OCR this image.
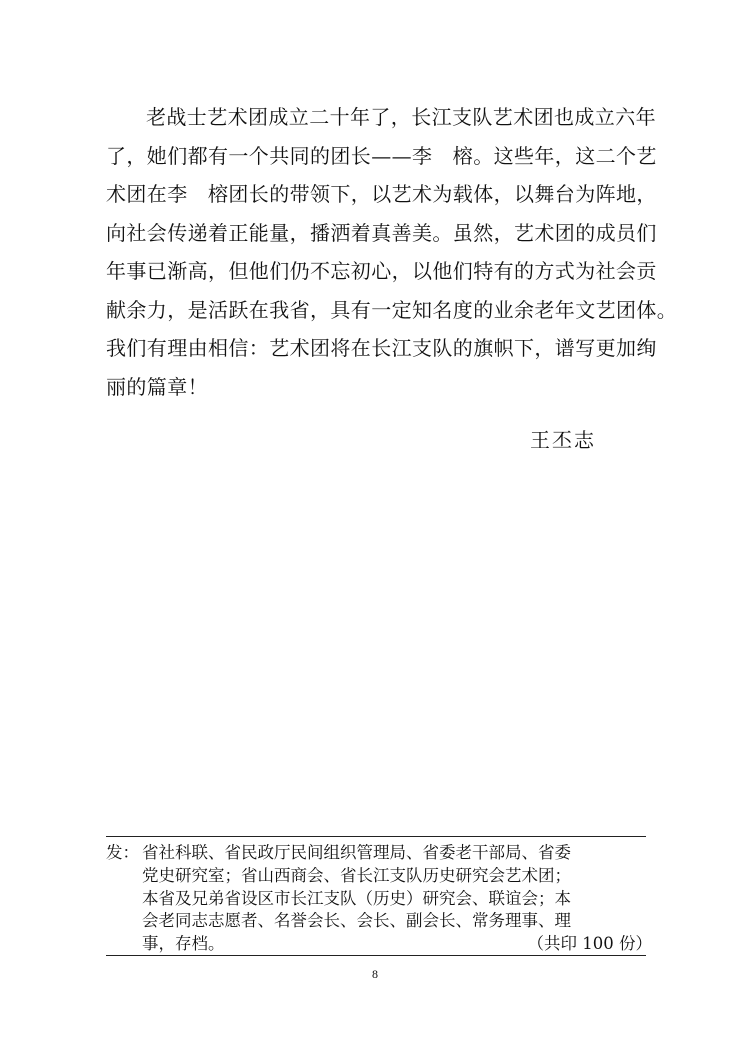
老战士艺术团成立二十年了，长江支队艺术团也成立六年
了，她们都有一个共同的团长——李　榕。这些年，这二个艺
术团在李　榕团长的带领下，以艺术为载体，以舞台为阵地，
向社会传递着正能量，播洒着真善美。虽然，艺术团的成员们
年事已渐高，但他们仍不忘初心，以他们特有的方式为社会贡
献余力，是活跃在我省，具有一定知名度的业余老年文艺团体。
我们有理由相信：艺术团将在长江支队的旗帜下，谱写更加绚
丽的篇章！
王丕志
发： 省社科联、省民政厅民间组织管理局、省委老干部局、省委
党史研究室；省山西商会、省长江支队历史研究会艺术团；
本省及兄弟省设区市长江支队（历史）研究会、联谊会；本
会老同志志愿者、名誉会长、会长、副会长、常务理事、理
事，存档。	（共印 100 份）
8
